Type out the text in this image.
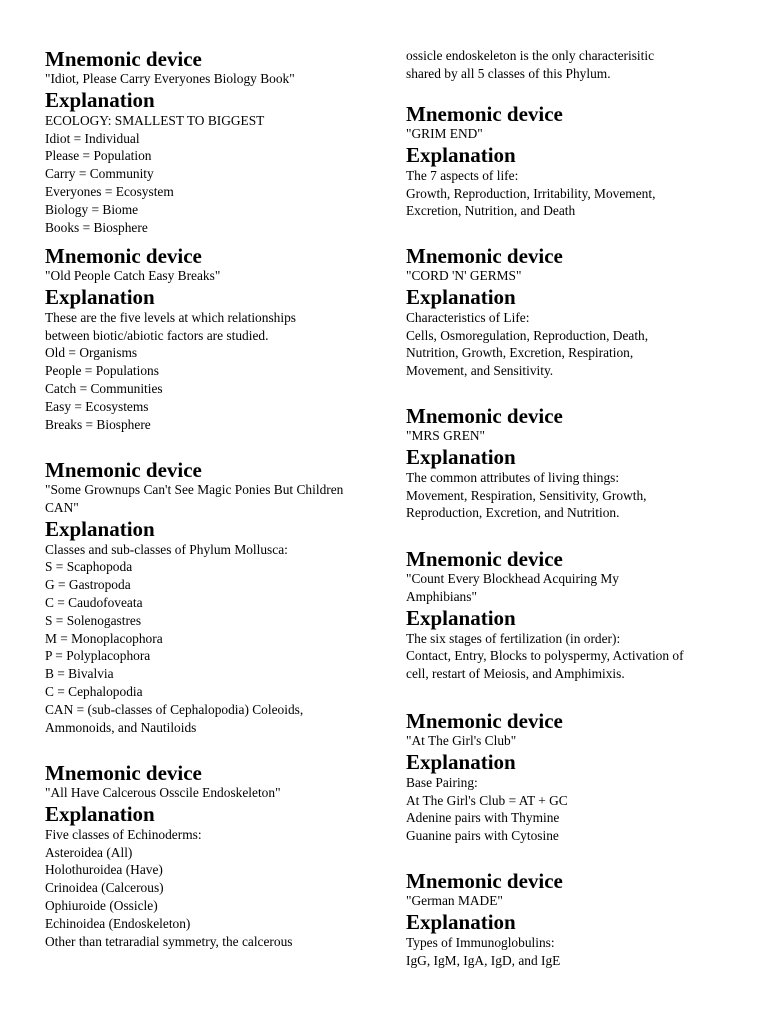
Mnemonic device
"Idiot, Please Carry Everyones Biology Book"
Explanation
ECOLOGY: SMALLEST TO BIGGEST
Idiot = Individual
Please = Population
Carry = Community
Everyones = Ecosystem
Biology = Biome
Books = Biosphere
Mnemonic device
"Old People Catch Easy Breaks"
Explanation
These are the five levels at which relationships
between biotic/abiotic factors are studied.
Old = Organisms
People = Populations
Catch = Communities
Easy = Ecosystems
Breaks = Biosphere
Mnemonic device
"Some Grownups Can't See Magic Ponies But Children CAN"
Explanation
Classes and sub-classes of Phylum Mollusca:
S = Scaphopoda
G = Gastropoda
C = Caudofoveata
S = Solenogastres
M = Monoplacophora
P = Polyplacophora
B = Bivalvia
C = Cephalopodia
CAN = (sub-classes of Cephalopodia) Coleoids,
Ammonoids, and Nautiloids
Mnemonic device
"All Have Calcerous Osscile Endoskeleton"
Explanation
Five classes of Echinoderms:
Asteroidea (All)
Holothuroidea (Have)
Crinoidea (Calcerous)
Ophiuroide (Ossicle)
Echinoidea (Endoskeleton)
Other than tetraradial symmetry, the calcerous
ossicle endoskeleton is the only characterisitic
shared by all 5 classes of this Phylum.
Mnemonic device
"GRIM END"
Explanation
The 7 aspects of life:
Growth, Reproduction, Irritability, Movement,
Excretion, Nutrition, and Death
Mnemonic device
"CORD 'N' GERMS"
Explanation
Characteristics of Life:
Cells, Osmoregulation, Reproduction, Death,
Nutrition, Growth, Excretion, Respiration,
Movement, and Sensitivity.
Mnemonic device
"MRS GREN"
Explanation
The common attributes of living things:
Movement, Respiration, Sensitivity, Growth,
Reproduction, Excretion, and Nutrition.
Mnemonic device
"Count Every Blockhead Acquiring My Amphibians"
Explanation
The six stages of fertilization (in order):
Contact, Entry, Blocks to polyspermy, Activation of
cell, restart of Meiosis, and Amphimixis.
Mnemonic device
"At The Girl's Club"
Explanation
Base Pairing:
At The Girl's Club = AT + GC
Adenine pairs with Thymine
Guanine pairs with Cytosine
Mnemonic device
"German MADE"
Explanation
Types of Immunoglobulins:
IgG, IgM, IgA, IgD, and IgE
